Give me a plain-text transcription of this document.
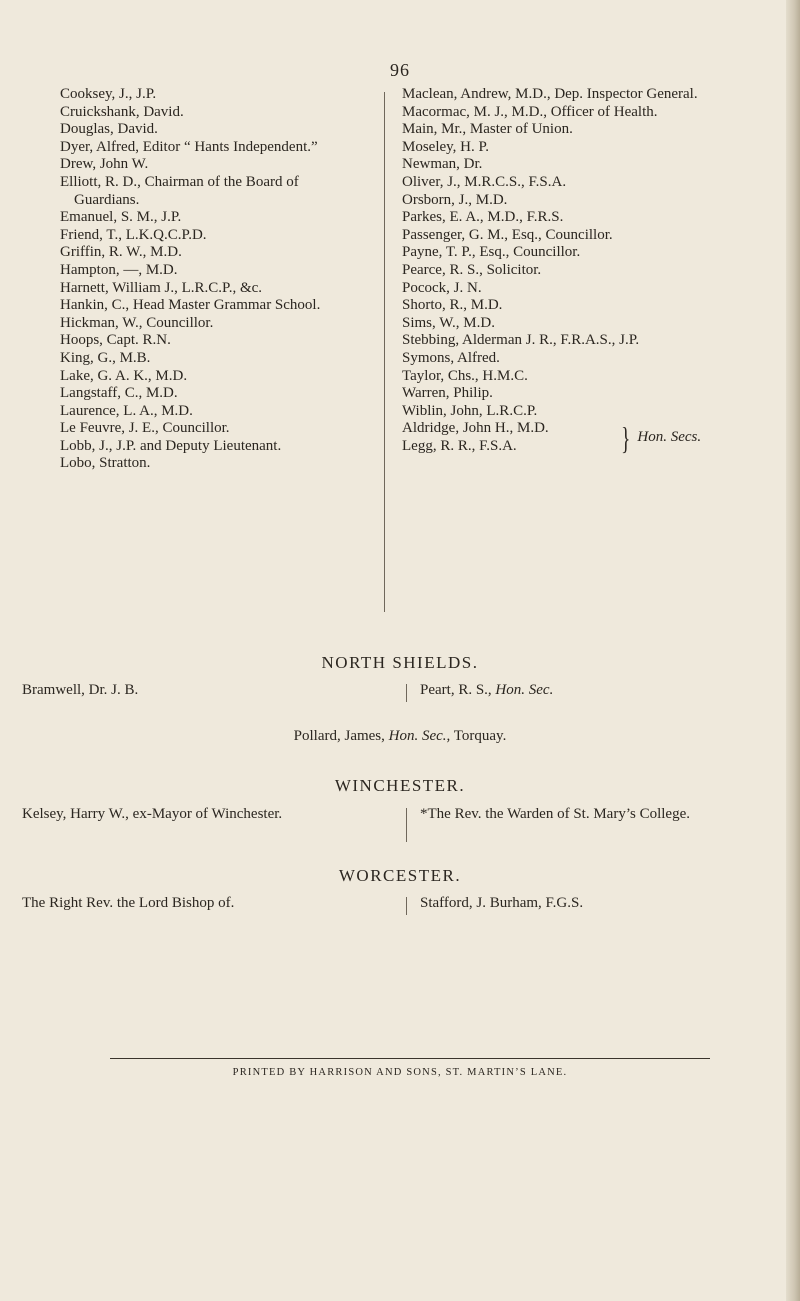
96
Cooksey, J., J.P.
Cruickshank, David.
Douglas, David.
Dyer, Alfred, Editor “ Hants Independent.”
Drew, John W.
Elliott, R. D., Chairman of the Board of Guardians.
Emanuel, S. M., J.P.
Friend, T., L.K.Q.C.P.D.
Griffin, R. W., M.D.
Hampton, —, M.D.
Harnett, William J., L.R.C.P., &c.
Hankin, C., Head Master Grammar School.
Hickman, W., Councillor.
Hoops, Capt. R.N.
King, G., M.B.
Lake, G. A. K., M.D.
Langstaff, C., M.D.
Laurence, L. A., M.D.
Le Feuvre, J. E., Councillor.
Lobb, J., J.P. and Deputy Lieutenant.
Lobo, Stratton.
Maclean, Andrew, M.D., Dep. Inspector General.
Macormac, M. J., M.D., Officer of Health.
Main, Mr., Master of Union.
Moseley, H. P.
Newman, Dr.
Oliver, J., M.R.C.S., F.S.A.
Orsborn, J., M.D.
Parkes, E. A., M.D., F.R.S.
Passenger, G. M., Esq., Councillor.
Payne, T. P., Esq., Councillor.
Pearce, R. S., Solicitor.
Pocock, J. N.
Shorto, R., M.D.
Sims, W., M.D.
Stebbing, Alderman J. R., F.R.A.S., J.P.
Symons, Alfred.
Taylor, Chs., H.M.C.
Warren, Philip.
Wiblin, John, L.R.C.P.
Aldridge, John H., M.D.
Legg, R. R., F.S.A.	} Hon. Secs.
NORTH SHIELDS.
Bramwell, Dr. J. B.	Peart, R. S., Hon. Sec.
Pollard, James, Hon. Sec., Torquay.
WINCHESTER.
Kelsey, Harry W., ex-Mayor of Winchester.	*The Rev. the Warden of St. Mary’s College.
WORCESTER.
The Right Rev. the Lord Bishop of.	Stafford, J. Burham, F.G.S.
PRINTED BY HARRISON AND SONS, ST. MARTIN’S LANE.
